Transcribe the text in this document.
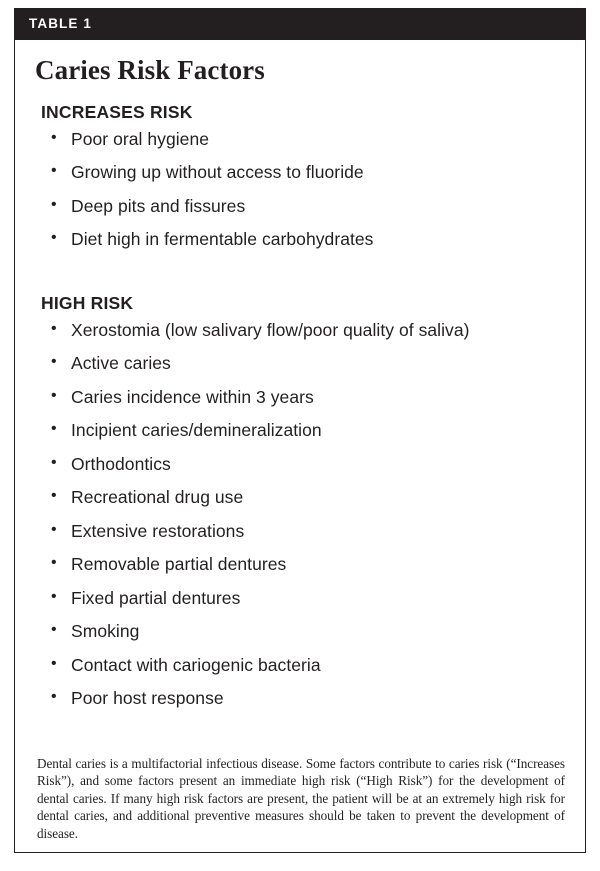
TABLE 1
Caries Risk Factors
INCREASES RISK
• Poor oral hygiene
• Growing up without access to fluoride
• Deep pits and fissures
• Diet high in fermentable carbohydrates
HIGH RISK
• Xerostomia (low salivary flow/poor quality of saliva)
• Active caries
• Caries incidence within 3 years
• Incipient caries/demineralization
• Orthodontics
• Recreational drug use
• Extensive restorations
• Removable partial dentures
• Fixed partial dentures
• Smoking
• Contact with cariogenic bacteria
• Poor host response
Dental caries is a multifactorial infectious disease. Some factors contribute to caries risk (“Increases Risk”), and some factors present an immediate high risk (“High Risk”) for the development of dental caries. If many high risk factors are present, the patient will be at an extremely high risk for dental caries, and additional preventive measures should be taken to prevent the development of disease.
